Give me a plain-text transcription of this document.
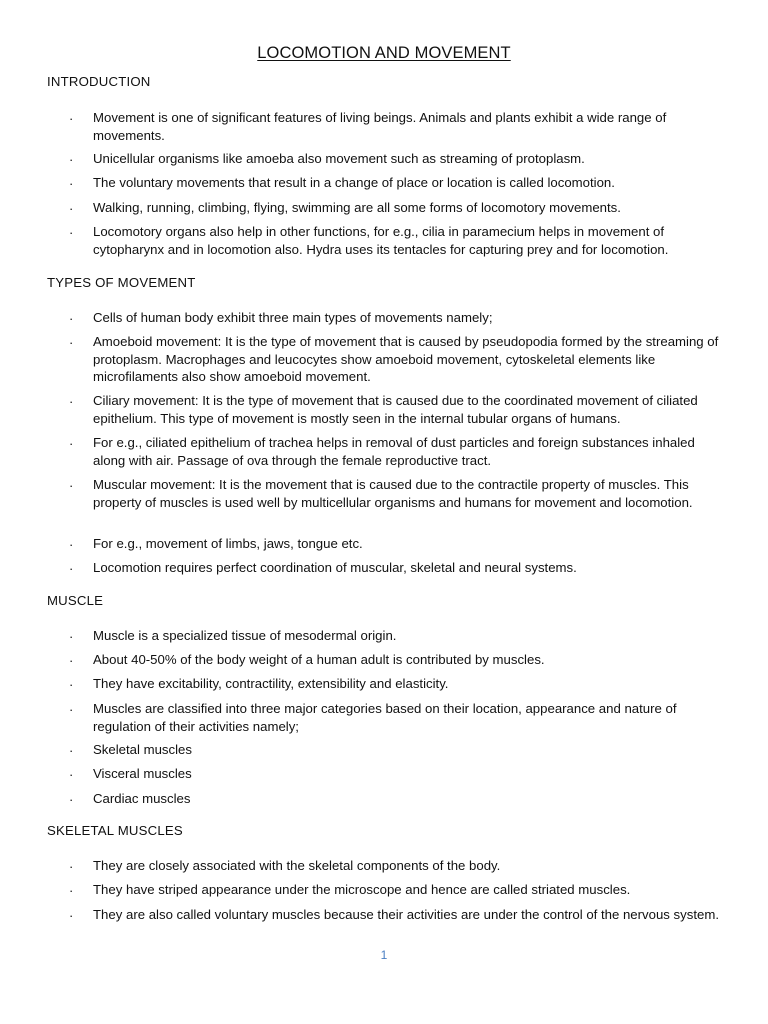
LOCOMOTION AND MOVEMENT
INTRODUCTION
· Movement is one of significant features of living beings. Animals and plants exhibit a wide range of movements.
· Unicellular organisms like amoeba also movement such as streaming of protoplasm.
· The voluntary movements that result in a change of place or location is called locomotion.
· Walking, running, climbing, flying, swimming are all some forms of locomotory movements.
· Locomotory organs also help in other functions, for e.g., cilia in paramecium helps in movement of cytopharynx and in locomotion also. Hydra uses its tentacles for capturing prey and for locomotion.
TYPES OF MOVEMENT
· Cells of human body exhibit three main types of movements namely;
· Amoeboid movement: It is the type of movement that is caused by pseudopodia formed by the streaming of protoplasm. Macrophages and leucocytes show amoeboid movement, cytoskeletal elements like microfilaments also show amoeboid movement.
· Ciliary movement: It is the type of movement that is caused due to the coordinated movement of ciliated epithelium. This type of movement is mostly seen in the internal tubular organs of humans.
· For e.g., ciliated epithelium of trachea helps in removal of dust particles and foreign substances inhaled along with air. Passage of ova through the female reproductive tract.
· Muscular movement: It is the movement that is caused due to the contractile property of muscles. This property of muscles is used well by multicellular organisms and humans for movement and locomotion.
· For e.g., movement of limbs, jaws, tongue etc.
· Locomotion requires perfect coordination of muscular, skeletal and neural systems.
MUSCLE
· Muscle is a specialized tissue of mesodermal origin.
· About 40-50% of the body weight of a human adult is contributed by muscles.
· They have excitability, contractility, extensibility and elasticity.
· Muscles are classified into three major categories based on their location, appearance and nature of regulation of their activities namely;
· Skeletal muscles
· Visceral muscles
· Cardiac muscles
SKELETAL MUSCLES
· They are closely associated with the skeletal components of the body.
· They have striped appearance under the microscope and hence are called striated muscles.
· They are also called voluntary muscles because their activities are under the control of the nervous system.
1
